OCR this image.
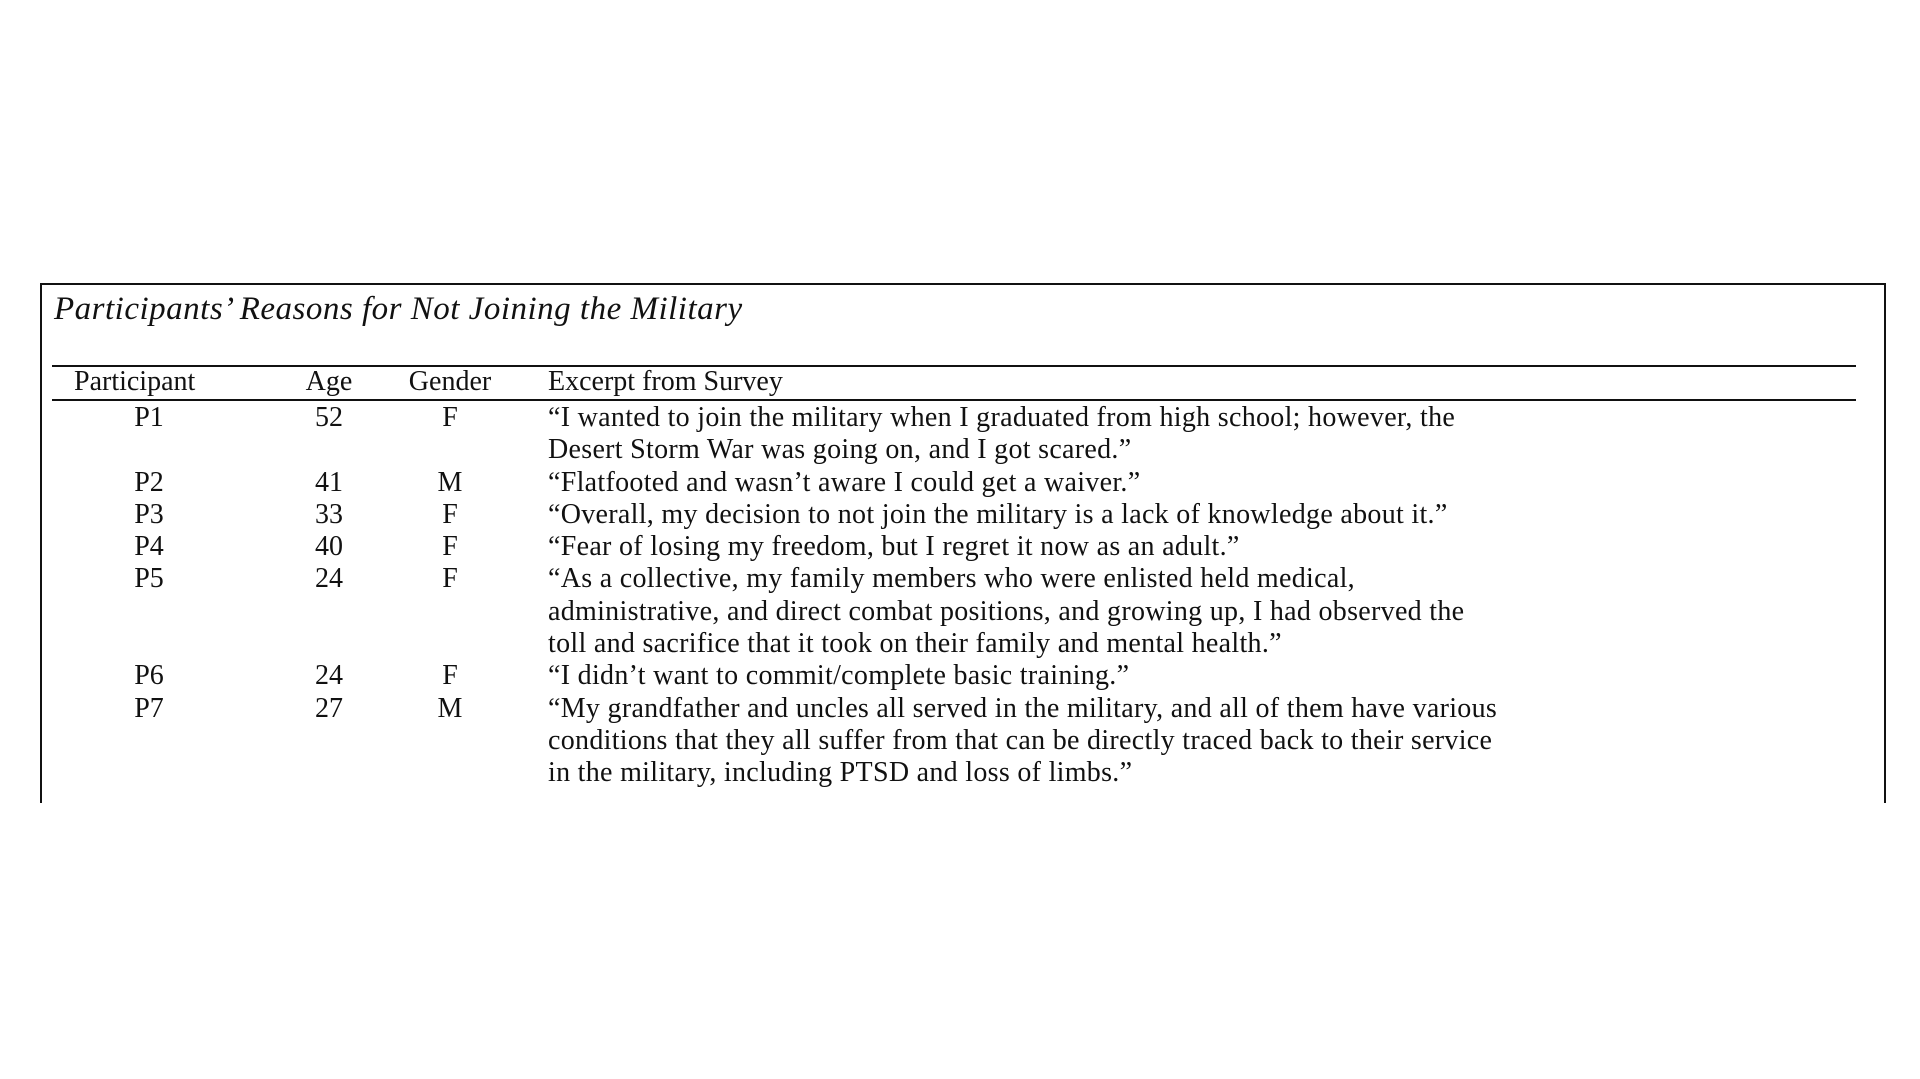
Participants’ Reasons for Not Joining the Military
Participant	Age	Gender	Excerpt from Survey
P1	52	F	“I wanted to join the military when I graduated from high school; however, the
Desert Storm War was going on, and I got scared.”
P2	41	M	“Flatfooted and wasn’t aware I could get a waiver.”
P3	33	F	“Overall, my decision to not join the military is a lack of knowledge about it.”
P4	40	F	“Fear of losing my freedom, but I regret it now as an adult.”
P5	24	F	“As a collective, my family members who were enlisted held medical,
administrative, and direct combat positions, and growing up, I had observed the
toll and sacrifice that it took on their family and mental health.”
P6	24	F	“I didn’t want to commit/complete basic training.”
P7	27	M	“My grandfather and uncles all served in the military, and all of them have various
conditions that they all suffer from that can be directly traced back to their service
in the military, including PTSD and loss of limbs.”
